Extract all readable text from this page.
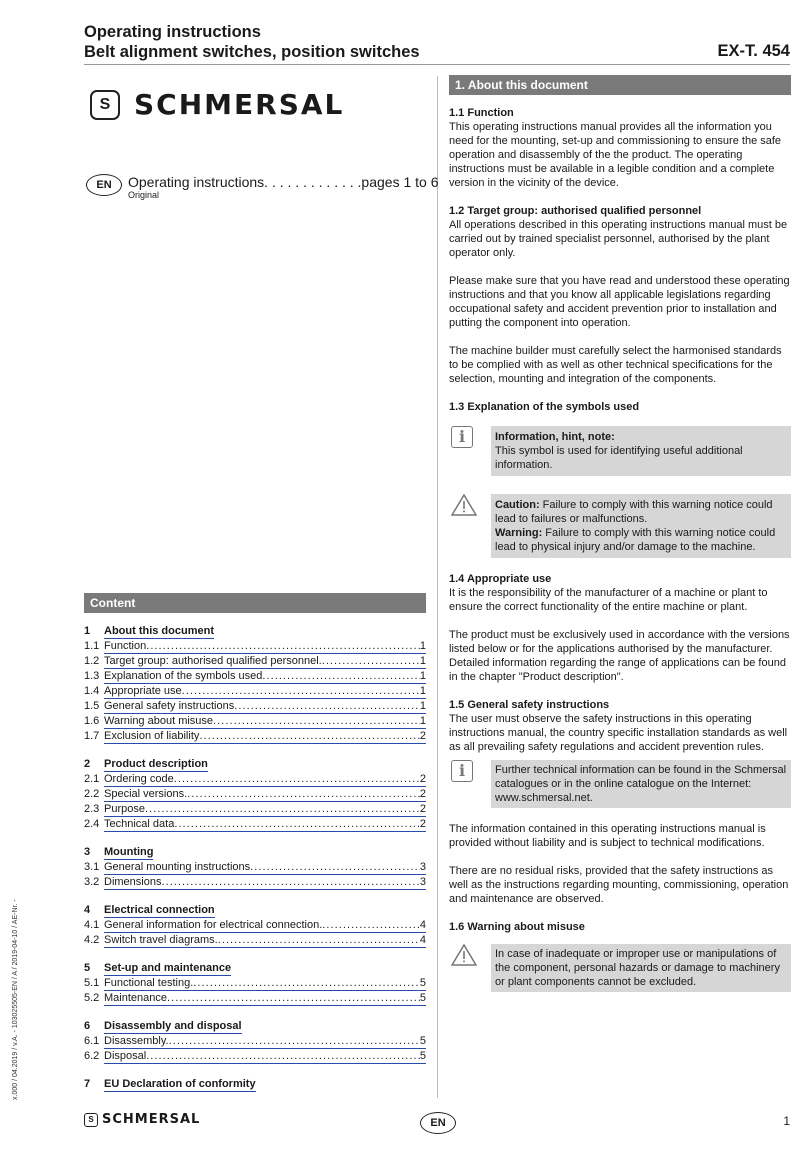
Operating instructions
Belt alignment switches, position switches	EX-T. 454
S SCHMERSAL
EN	Operating instructions. . . . . . . . . . . . .pages 1 to 6
Original
Content
1	About this document
1.1 Function . . .	1
1.2 Target group: authorised qualified personnel. . . .	1
1.3 Explanation of the symbols used . . .	1
1.4 Appropriate use . . .	1
1.5 General safety instructions . . .	1
1.6 Warning about misuse . . .	1
1.7 Exclusion of liability . . .	2
2	Product description
2.1 Ordering code . . .	2
2.2 Special versions. . . .	2
2.3 Purpose . . .	2
2.4 Technical data . . .	2
3	Mounting
3.1 General mounting instructions . . .	3
3.2 Dimensions . . .	3
4	Electrical connection
4.1 General information for electrical connection. . . .	4
4.2 Switch travel diagrams. . . .	4
5	Set-up and maintenance
5.1 Functional testing. . . .	5
5.2 Maintenance . . .	5
6	Disassembly and disposal
6.1 Disassembly. . . .	5
6.2 Disposal . . .	5
7	EU Declaration of conformity
1. About this document
1.1 Function

This operating instructions manual provides all the information you need for the mounting, set-up and commissioning to ensure the safe operation and disassembly of the the product. The operating instructions must be available in a legible condition and a complete version in the vicinity of the device.

1.2 Target group: authorised qualified personnel

All operations described in this operating instructions manual must be carried out by trained specialist personnel, authorised by the plant operator only.

Please make sure that you have read and understood these operating instructions and that you know all applicable legislations regarding occupational safety and accident prevention prior to installation and putting the component into operation.

The machine builder must carefully select the harmonised standards to be complied with as well as other technical specifications for the selection, mounting and integration of the components.

1.3 Explanation of the symbols used
i	Information, hint, note:
This symbol is used for identifying useful additional information.
Caution: Failure to comply with this warning notice could lead to failures or malfunctions.
Warning: Failure to comply with this warning notice could lead to physical injury and/or damage to the machine.
1.4 Appropriate use

It is the responsibility of the manufacturer of a machine or plant to ensure the correct functionality of the entire machine or plant.

The product must be exclusively used in accordance with the versions listed below or for the applications authorised by the manufacturer. Detailed information regarding the range of applications can be found in the chapter "Product description".

1.5 General safety instructions

The user must observe the safety instructions in this operating instructions manual, the country specific installation standards as well as all prevailing safety regulations and accident prevention rules.

i	Further technical information can be found in the Schmersal catalogues or in the online catalogue on the Internet: www.schmersal.net.

The information contained in this operating instructions manual is provided without liability and is subject to technical modifications.

There are no residual risks, provided that the safety instructions as well as the instructions regarding mounting, commissioning, operation and maintenance are observed.

1.6 Warning about misuse
In case of inadequate or improper use or manipulations of the component, personal hazards or damage to machinery or plant components cannot be excluded.
x.000 / 04.2019 / v.A. - 103025505-EN / A / 2019-04-10 / AE-Nr. -
S SCHMERSAL	EN	1
